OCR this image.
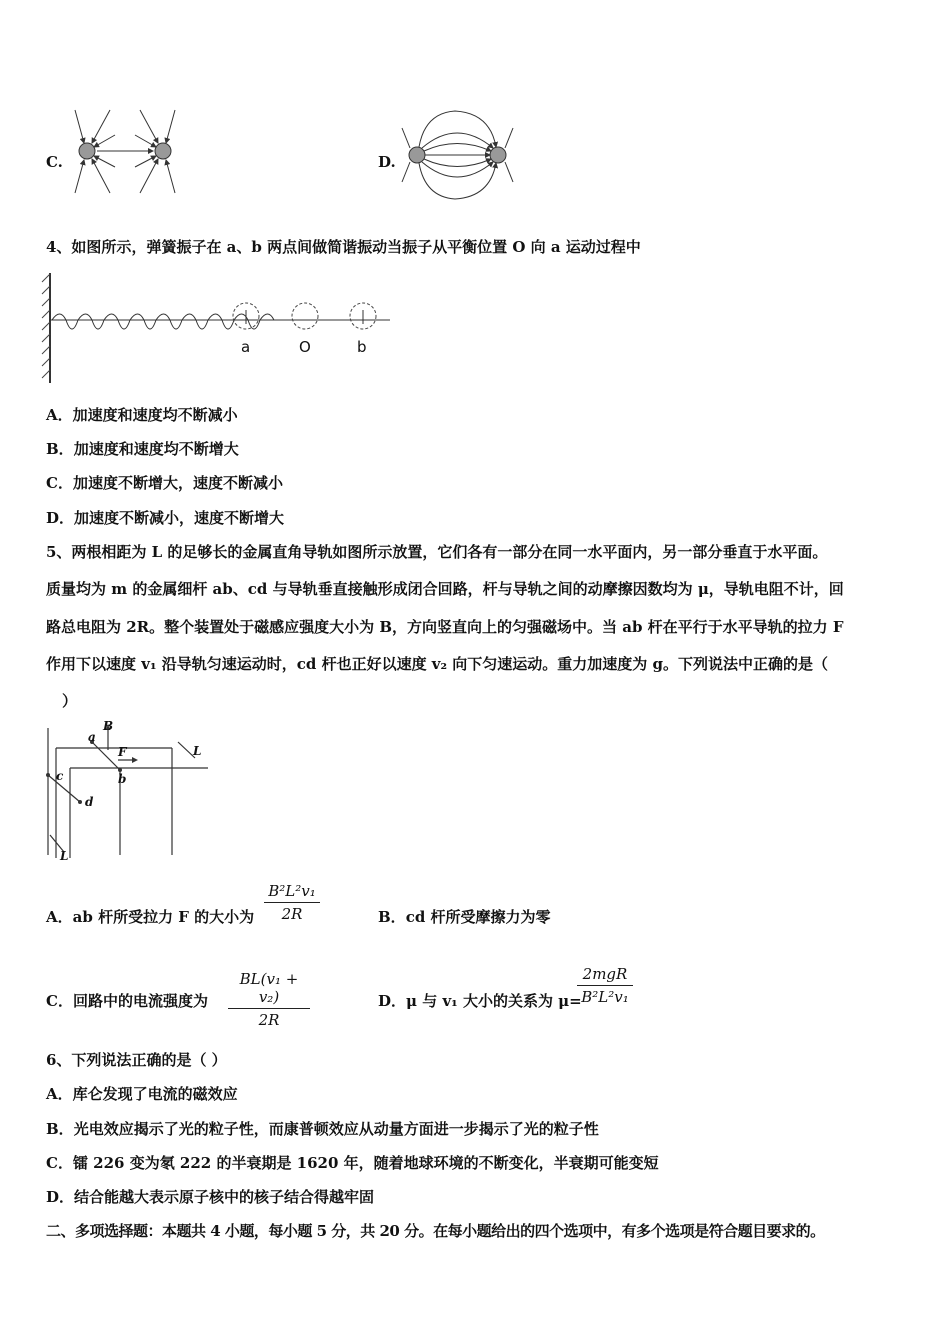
C.	D.
4、如图所示，弹簧振子在 a、b 两点间做简谐振动当振子从平衡位置 O 向 a 运动过程中
a	O	b
A．加速度和速度均不断减小
B．加速度和速度均不断增大
C．加速度不断增大，速度不断减小
D．加速度不断减小，速度不断增大
5、两根相距为 L 的足够长的金属直角导轨如图所示放置，它们各有一部分在同一水平面内，另一部分垂直于水平面。
质量均为 m 的金属细杆 ab、cd 与导轨垂直接触形成闭合回路，杆与导轨之间的动摩擦因数均为 μ，导轨电阻不计，回
路总电阻为 2R。整个装置处于磁感应强度大小为 B，方向竖直向上的匀强磁场中。当 ab 杆在平行于水平导轨的拉力 F
作用下以速度 v₁ 沿导轨匀速运动时，cd 杆也正好以速度 v₂ 向下匀速运动。重力加速度为 g。下列说法中正确的是（
）
B
a
F
b
c
d
L
L
A．ab 杆所受拉力 F 的大小为
B²L²v₁
2R	B．cd 杆所受摩擦力为零
C．回路中的电流强度为
BL(v₁ + v₂)
2R
D．μ 与 v₁ 大小的关系为 μ=
2mgR
B²L²v₁
6、下列说法正确的是（ ）
A．库仑发现了电流的磁效应
B．光电效应揭示了光的粒子性，而康普顿效应从动量方面进一步揭示了光的粒子性
C．镭 226 变为氡 222 的半衰期是 1620 年，随着地球环境的不断变化，半衰期可能变短
D．结合能越大表示原子核中的核子结合得越牢固
二、多项选择题：本题共 4 小题，每小题 5 分，共 20 分。在每小题给出的四个选项中，有多个选项是符合题目要求的。
